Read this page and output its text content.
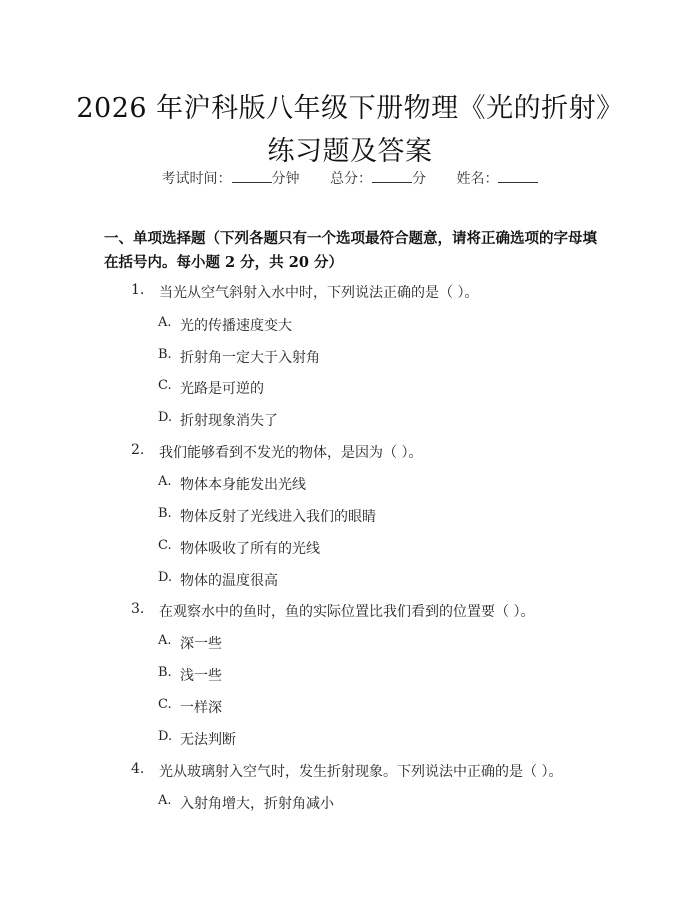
2026 年沪科版八年级下册物理《光的折射》
练习题及答案
考试时间：	分钟 总分：	分 姓名：
一、单项选择题（下列各题只有一个选项最符合题意，请将正确选项的字母填在括号内。每小题 2 分，共 20 分）
1. 当光从空气斜射入水中时，下列说法正确的是（ ）。
A. 光的传播速度变大
B. 折射角一定大于入射角
C. 光路是可逆的
D. 折射现象消失了
2. 我们能够看到不发光的物体，是因为（ ）。
A. 物体本身能发出光线
B. 物体反射了光线进入我们的眼睛
C. 物体吸收了所有的光线
D. 物体的温度很高
3. 在观察水中的鱼时，鱼的实际位置比我们看到的位置要（ ）。
A. 深一些
B. 浅一些
C. 一样深
D. 无法判断
4. 光从玻璃射入空气时，发生折射现象。下列说法中正确的是（ ）。
A. 入射角增大，折射角减小
